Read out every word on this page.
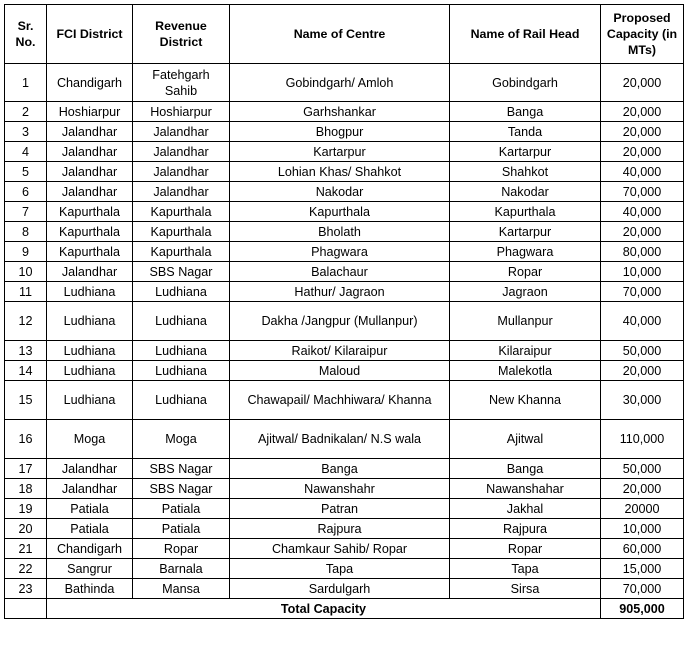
Sr. No.	FCI District	Revenue District	Name of Centre	Name of Rail Head	Proposed Capacity (in MTs)
1	Chandigarh	Fatehgarh Sahib	Gobindgarh/ Amloh	Gobindgarh	20,000
2	Hoshiarpur	Hoshiarpur	Garhshankar	Banga	20,000
3	Jalandhar	Jalandhar	Bhogpur	Tanda	20,000
4	Jalandhar	Jalandhar	Kartarpur	Kartarpur	20,000
5	Jalandhar	Jalandhar	Lohian Khas/ Shahkot	Shahkot	40,000
6	Jalandhar	Jalandhar	Nakodar	Nakodar	70,000
7	Kapurthala	Kapurthala	Kapurthala	Kapurthala	40,000
8	Kapurthala	Kapurthala	Bholath	Kartarpur	20,000
9	Kapurthala	Kapurthala	Phagwara	Phagwara	80,000
10	Jalandhar	SBS Nagar	Balachaur	Ropar	10,000
11	Ludhiana	Ludhiana	Hathur/ Jagraon	Jagraon	70,000
12	Ludhiana	Ludhiana	Dakha /Jangpur (Mullanpur)	Mullanpur	40,000
13	Ludhiana	Ludhiana	Raikot/ Kilaraipur	Kilaraipur	50,000
14	Ludhiana	Ludhiana	Maloud	Malekotla	20,000
15	Ludhiana	Ludhiana	Chawapail/ Machhiwara/ Khanna	New Khanna	30,000
16	Moga	Moga	Ajitwal/ Badnikalan/ N.S wala	Ajitwal	110,000
17	Jalandhar	SBS Nagar	Banga	Banga	50,000
18	Jalandhar	SBS Nagar	Nawanshahr	Nawanshahar	20,000
19	Patiala	Patiala	Patran	Jakhal	20000
20	Patiala	Patiala	Rajpura	Rajpura	10,000
21	Chandigarh	Ropar	Chamkaur Sahib/ Ropar	Ropar	60,000
22	Sangrur	Barnala	Tapa	Tapa	15,000
23	Bathinda	Mansa	Sardulgarh	Sirsa	70,000
	Total Capacity				905,000
